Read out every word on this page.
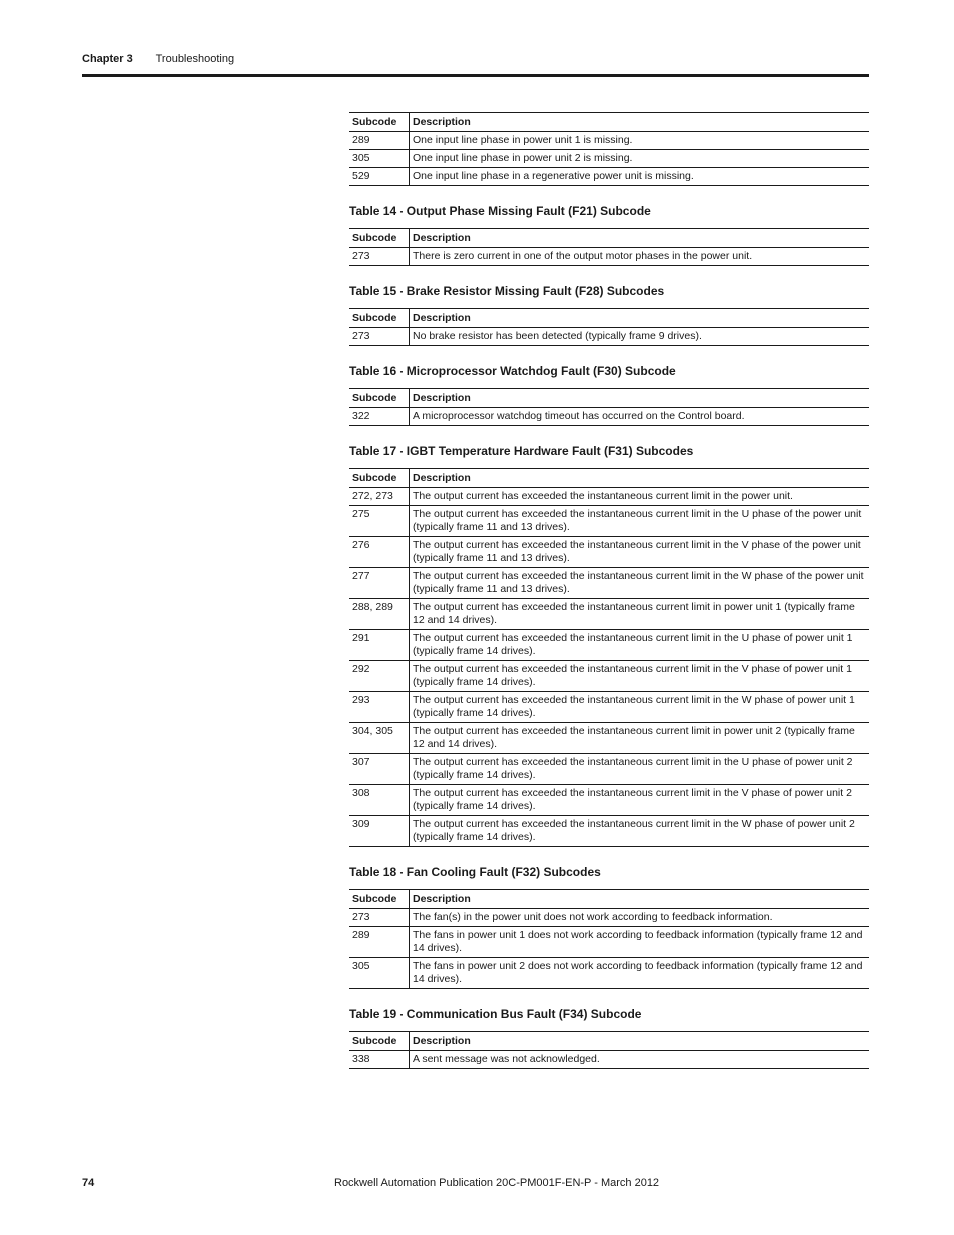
Chapter 3 Troubleshooting
Subcode	Description
289	One input line phase in power unit 1 is missing.
305	One input line phase in power unit 2 is missing.
529	One input line phase in a regenerative power unit is missing.
Table 14 - Output Phase Missing Fault (F21) Subcode
Subcode	Description
273	There is zero current in one of the output motor phases in the power unit.
Table 15 - Brake Resistor Missing Fault (F28) Subcodes
Subcode	Description
273	No brake resistor has been detected (typically frame 9 drives).
Table 16 - Microprocessor Watchdog Fault (F30) Subcode
Subcode	Description
322	A microprocessor watchdog timeout has occurred on the Control board.
Table 17 - IGBT Temperature Hardware Fault (F31) Subcodes
Subcode	Description
272, 273	The output current has exceeded the instantaneous current limit in the power unit.
275	The output current has exceeded the instantaneous current limit in the U phase of the power unit (typically frame 11 and 13 drives).
276	The output current has exceeded the instantaneous current limit in the V phase of the power unit (typically frame 11 and 13 drives).
277	The output current has exceeded the instantaneous current limit in the W phase of the power unit (typically frame 11 and 13 drives).
288, 289	The output current has exceeded the instantaneous current limit in power unit 1 (typically frame 12 and 14 drives).
291	The output current has exceeded the instantaneous current limit in the U phase of power unit 1 (typically frame 14 drives).
292	The output current has exceeded the instantaneous current limit in the V phase of power unit 1 (typically frame 14 drives).
293	The output current has exceeded the instantaneous current limit in the W phase of power unit 1 (typically frame 14 drives).
304, 305	The output current has exceeded the instantaneous current limit in power unit 2 (typically frame 12 and 14 drives).
307	The output current has exceeded the instantaneous current limit in the U phase of power unit 2 (typically frame 14 drives).
308	The output current has exceeded the instantaneous current limit in the V phase of power unit 2 (typically frame 14 drives).
309	The output current has exceeded the instantaneous current limit in the W phase of power unit 2 (typically frame 14 drives).
Table 18 - Fan Cooling Fault (F32) Subcodes
Subcode	Description
273	The fan(s) in the power unit does not work according to feedback information.
289	The fans in power unit 1 does not work according to feedback information (typically frame 12 and 14 drives).
305	The fans in power unit 2 does not work according to feedback information (typically frame 12 and 14 drives).
Table 19 - Communication Bus Fault (F34) Subcode
Subcode	Description
338	A sent message was not acknowledged.
74	Rockwell Automation Publication 20C-PM001F-EN-P - March 2012
